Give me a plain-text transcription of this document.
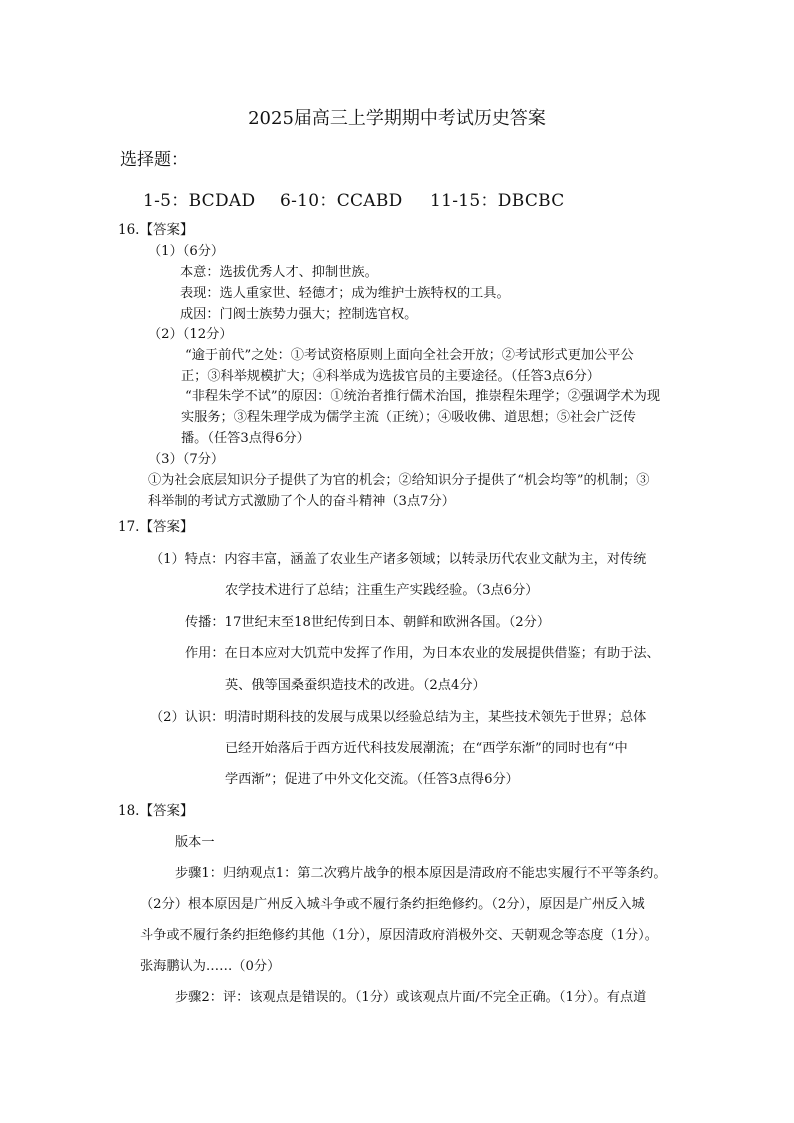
2025届高三上学期期中考试历史答案
选择题：
1-5：BCDAD 6-10：CCABD 11-15：DBCBC
16.【答案】
（1）（6分）
本意：选拔优秀人才、抑制世族。
表现：选人重家世、轻德才；成为维护士族特权的工具。
成因：门阀士族势力强大；控制选官权。
（2）（12分）
“逾于前代”之处：①考试资格原则上面向全社会开放；②考试形式更加公平公
正；③科举规模扩大；④科举成为选拔官员的主要途径。（任答3点6分）
“非程朱学不试”的原因：①统治者推行儒术治国，推崇程朱理学；②强调学术为现
实服务；③程朱理学成为儒学主流（正统）；④吸收佛、道思想；⑤社会广泛传
播。（任答3点得6分）
（3）（7分）
①为社会底层知识分子提供了为官的机会；②给知识分子提供了“机会均等”的机制；③
科举制的考试方式激励了个人的奋斗精神（3点7分）
17.【答案】
（1）特点：内容丰富，涵盖了农业生产诸多领域；以转录历代农业文献为主，对传统
农学技术进行了总结；注重生产实践经验。（3点6分）
传播：17世纪末至18世纪传到日本、朝鲜和欧洲各国。（2分）
作用：在日本应对大饥荒中发挥了作用，为日本农业的发展提供借鉴；有助于法、
英、俄等国桑蚕织造技术的改进。（2点4分）
（2）认识：明清时期科技的发展与成果以经验总结为主，某些技术领先于世界；总体
已经开始落后于西方近代科技发展潮流；在“西学东渐”的同时也有“中
学西渐”；促进了中外文化交流。（任答3点得6分）
18.【答案】
版本一
步骤1：归纳观点1：第二次鸦片战争的根本原因是清政府不能忠实履行不平等条约。
（2分）根本原因是广州反入城斗争或不履行条约拒绝修约。（2分），原因是广州反入城
斗争或不履行条约拒绝修约其他（1分），原因清政府消极外交、天朝观念等态度（1分）。
张海鹏认为……（0分）
步骤2：评：该观点是错误的。（1分）或该观点片面/不完全正确。（1分）。有点道
